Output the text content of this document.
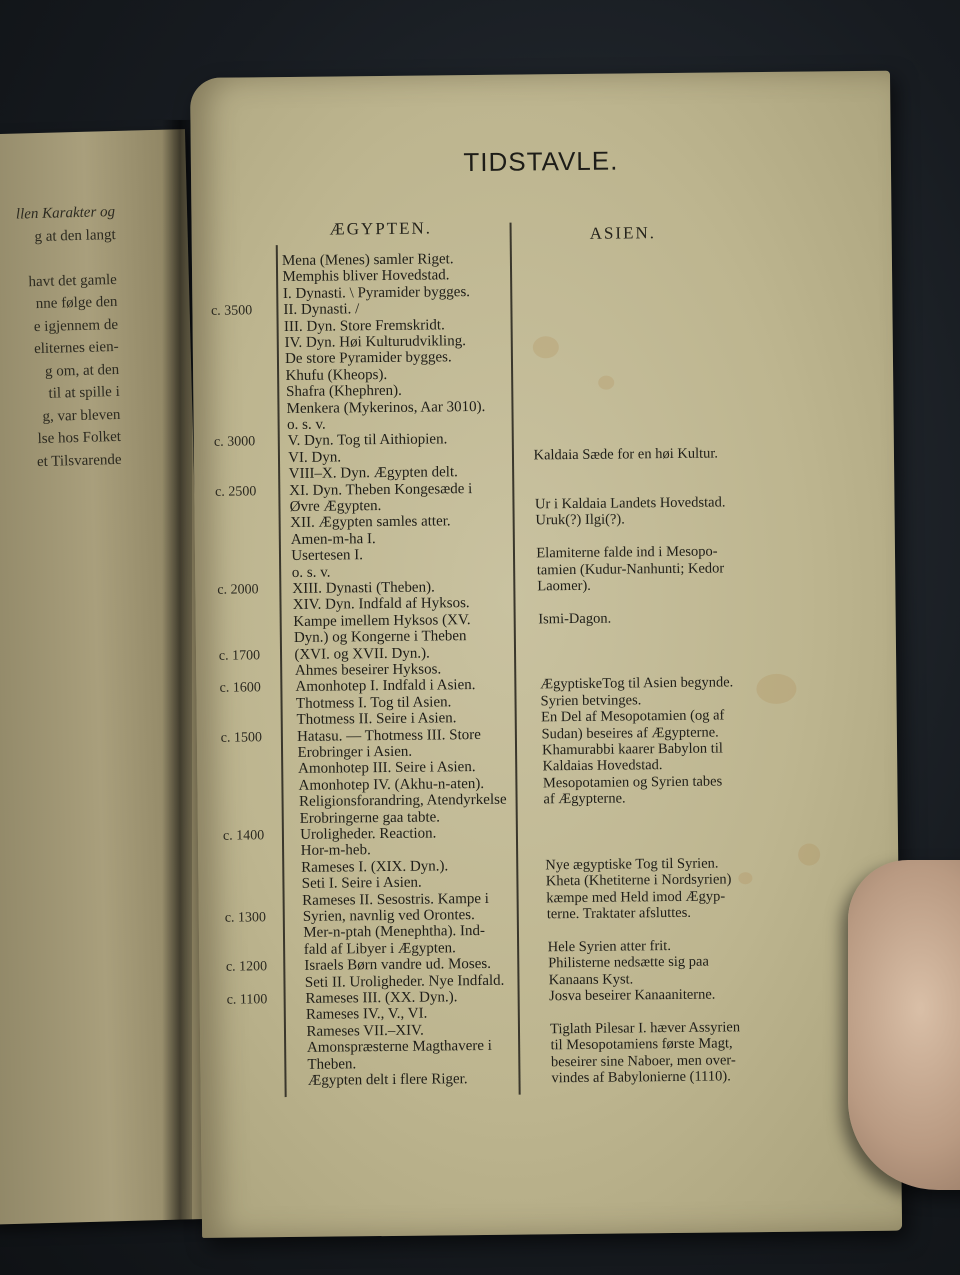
llen Karakter og
g at den langt
havt det gamle
nne følge den
e igjennem de
eliternes eien-
g om, at den
til at spille i
g, var bleven
lse hos Folket
et Tilsvarende
TIDSTAVLE.
ÆGYPTEN.	ASIEN.
c. 3500
c. 3000
c. 2500
c. 2000
c. 1700
c. 1600
c. 1500
c. 1400
c. 1300
c. 1200
c. 1100
Mena (Menes) samler Riget.
Memphis bliver Hovedstad.
I. Dynasti. \ Pyramider bygges.
II. Dynasti. /
III. Dyn. Store Fremskridt.
IV. Dyn. Høi Kulturudvikling.
De store Pyramider bygges.
Khufu (Kheops).
Shafra (Khephren).
Menkera (Mykerinos, Aar 3010).
o. s. v.
V. Dyn. Tog til Aithiopien.
VI. Dyn.
VIII–X. Dyn. Ægypten delt.
XI. Dyn. Theben Kongesæde i
Øvre Ægypten.
XII. Ægypten samles atter.
Amen-m-ha I.
Usertesen I.
o. s. v.
XIII. Dynasti (Theben).
XIV. Dyn. Indfald af Hyksos.
Kampe imellem Hyksos (XV.
Dyn.) og Kongerne i Theben
(XVI. og XVII. Dyn.).
Ahmes beseirer Hyksos.
Amonhotep I. Indfald i Asien.
Thotmess I. Tog til Asien.
Thotmess II. Seire i Asien.
Hatasu. — Thotmess III. Store
Erobringer i Asien.
Amonhotep III. Seire i Asien.
Amonhotep IV. (Akhu-n-aten).
Religionsforandring, Atendyrkelse
Erobringerne gaa tabte.
Uroligheder. Reaction.
Hor-m-heb.
Rameses I. (XIX. Dyn.).
Seti I. Seire i Asien.
Rameses II. Sesostris. Kampe i
Syrien, navnlig ved Orontes.
Mer-n-ptah (Menephtha). Ind-
fald af Libyer i Ægypten.
Israels Børn vandre ud. Moses.
Seti II. Uroligheder. Nye Indfald.
Rameses III. (XX. Dyn.).
Rameses IV., V., VI.
Rameses VII.–XIV.
Amonspræsterne Magthavere i
Theben.
Ægypten delt i flere Riger.
Kaldaia Sæde for en høi Kultur.
Ur i Kaldaia Landets Hovedstad.
Uruk(?) Ilgi(?).
Elamiterne falde ind i Mesopo-
tamien (Kudur-Nanhunti; Kedor
Laomer).
Ismi-Dagon.
ÆgyptiskeTog til Asien begynde.
Syrien betvinges.
En Del af Mesopotamien (og af
Sudan) beseires af Ægypterne.
Khamurabbi kaarer Babylon til
Kaldaias Hovedstad.
Mesopotamien og Syrien tabes
af Ægypterne.
Nye ægyptiske Tog til Syrien.
Kheta (Khetiterne i Nordsyrien)
kæmpe med Held imod Ægyp-
terne. Traktater afsluttes.
Hele Syrien atter frit.
Philisterne nedsætte sig paa
Kanaans Kyst.
Josva beseirer Kanaaniterne.
Tiglath Pilesar I. hæver Assyrien
til Mesopotamiens første Magt,
beseirer sine Naboer, men over-
vindes af Babylonierne (1110).
